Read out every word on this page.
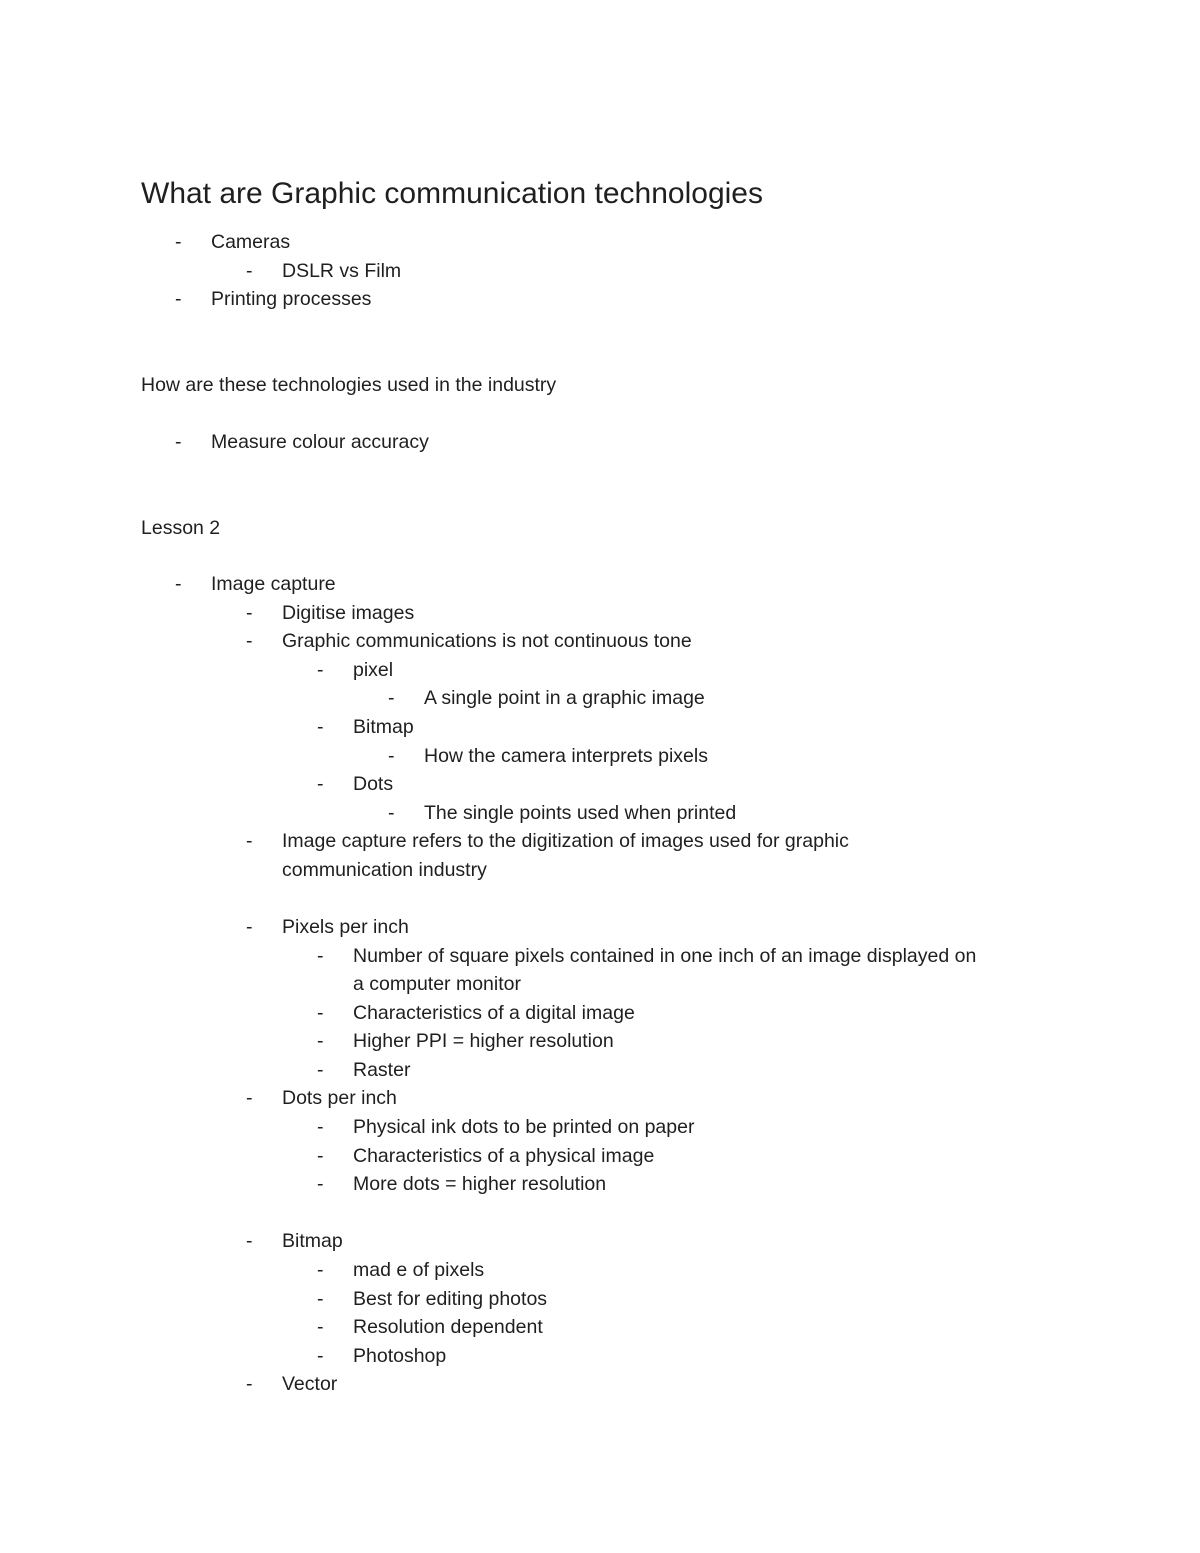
What are Graphic communication technologies
- Cameras
- DSLR vs Film
- Printing processes
How are these technologies used in the industry
- Measure colour accuracy
Lesson 2
- Image capture
- Digitise images
- Graphic communications is not continuous tone
- pixel
- A single point in a graphic image
- Bitmap
- How the camera interprets pixels
- Dots
- The single points used when printed
- Image capture refers to the digitization of images used for graphic
communication industry
- Pixels per inch
- Number of square pixels contained in one inch of an image displayed on
a computer monitor
- Characteristics of a digital image
- Higher PPI = higher resolution
- Raster
- Dots per inch
- Physical ink dots to be printed on paper
- Characteristics of a physical image
- More dots = higher resolution
- Bitmap
- mad e of pixels
- Best for editing photos
- Resolution dependent
- Photoshop
- Vector
